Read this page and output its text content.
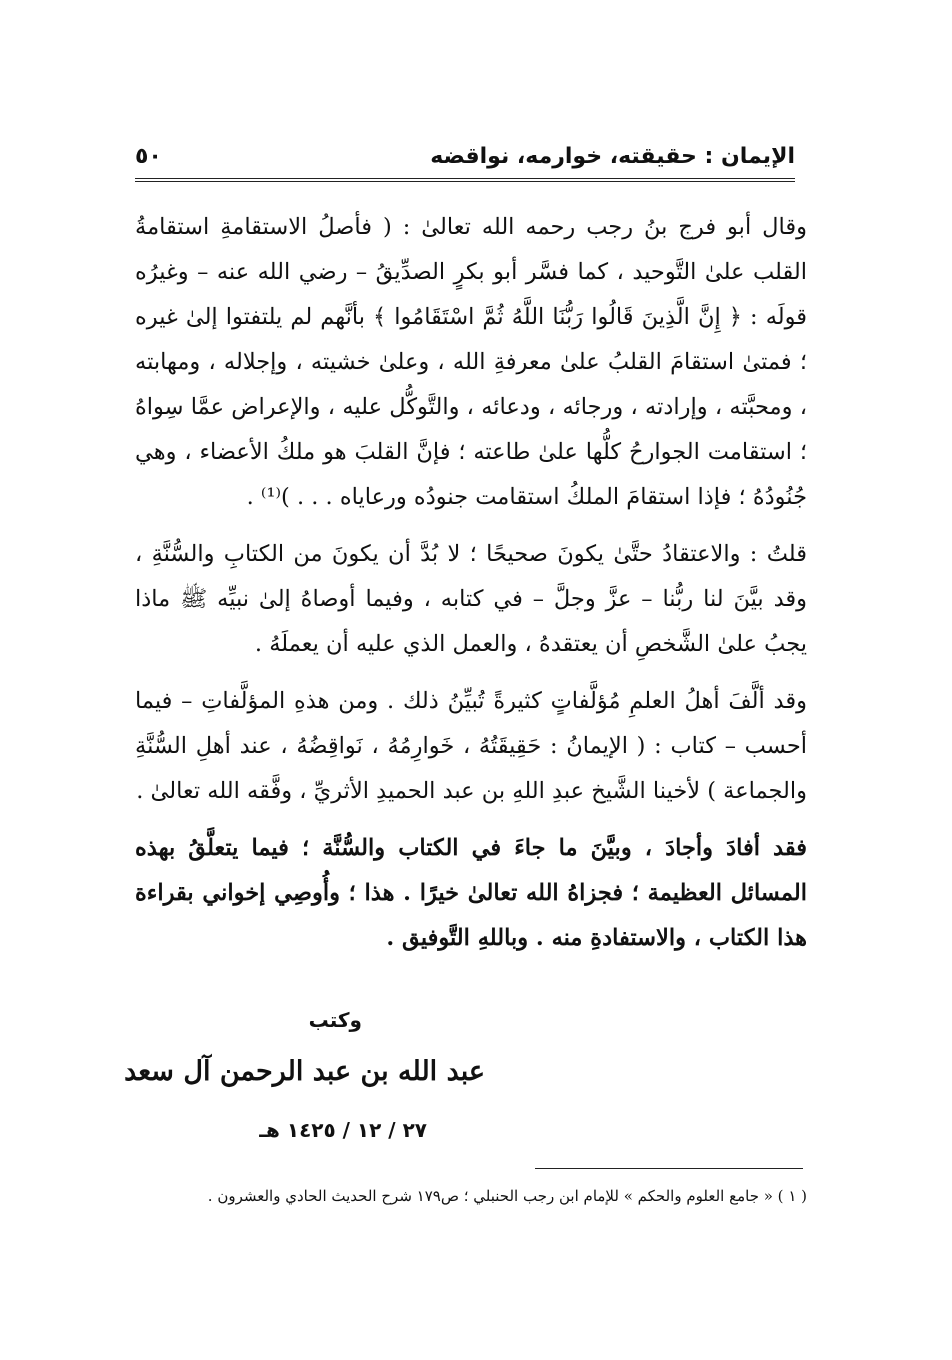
الإيمان : حقيقته، خوارمه، نواقضه
٥٠

وقال أبو فرج بنُ رجب رحمه الله تعالىٰ : ( فأصلُ الاستقامةِ استقامةُ القلب علىٰ التَّوحيد ، كما فسَّر أبو بكرٍ الصدِّيقُ – رضي الله عنه – وغيرُه قولَه : ﴿ إِنَّ الَّذِينَ قَالُوا رَبُّنَا اللَّهُ ثُمَّ اسْتَقَامُوا ﴾ بأنَّهم لم يلتفتوا إلىٰ غيره ؛ فمتىٰ استقامَ القلبُ علىٰ معرفةِ الله ، وعلىٰ خشيته ، وإجلاله ، ومهابته ، ومحبَّته ، وإرادته ، ورجائه ، ودعائه ، والتَّوكُّل عليه ، والإعراض عمَّا سِواهُ ؛ استقامت الجوارحُ كلُّها علىٰ طاعته ؛ فإنَّ القلبَ هو ملكُ الأعضاء ، وهي جُنُودُهُ ؛ فإذا استقامَ الملكُ استقامت جنودُه ورعاياه . . . )⁽¹⁾ .

قلتُ : والاعتقادُ حتَّىٰ يكونَ صحيحًا ؛ لا بُدَّ أن يكونَ من الكتابِ والسُّنَّةِ ، وقد بيَّنَ لنا ربُّنا – عزَّ وجلَّ – في كتابه ، وفيما أوصاهُ إلىٰ نبيِّه ﷺ ماذا يجبُ علىٰ الشَّخصِ أن يعتقدهُ ، والعمل الذي عليه أن يعملَهُ .

وقد ألَّفَ أهلُ العلمِ مُؤلَّفاتٍ كثيرةً تُبيِّنُ ذلك . ومن هذهِ المؤلَّفاتِ – فيما أحسب – كتاب : ( الإيمانُ : حَقِيقَتُهُ ، خَوارِمُهُ ، نَواقِضُهُ ، عند أهلِ السُّنَّةِ والجماعة ) لأخينا الشَّيخ عبدِ اللهِ بن عبد الحميدِ الأثريِّ ، وفَّقه الله تعالىٰ .

فقد أفادَ وأجادَ ، وبيَّنَ ما جاءَ في الكتاب والسُّنَّة ؛ فيما يتعلَّقُ بهذه المسائل العظيمة ؛ فجزاهُ الله تعالىٰ خيرًا . هذا ؛ وأُوصِي إخواني بقراءة هذا الكتاب ، والاستفادةِ منه . وباللهِ التَّوفيق .

وكتب
عبد الله بن عبد الرحمن آل سعد
٢٧ / ١٢ / ١٤٢٥ هـ
( ١ ) « جامع العلوم والحكم » للإمام ابن رجب الحنبلي ؛ ص١٧٩ شرح الحديث الحادي والعشرون .
